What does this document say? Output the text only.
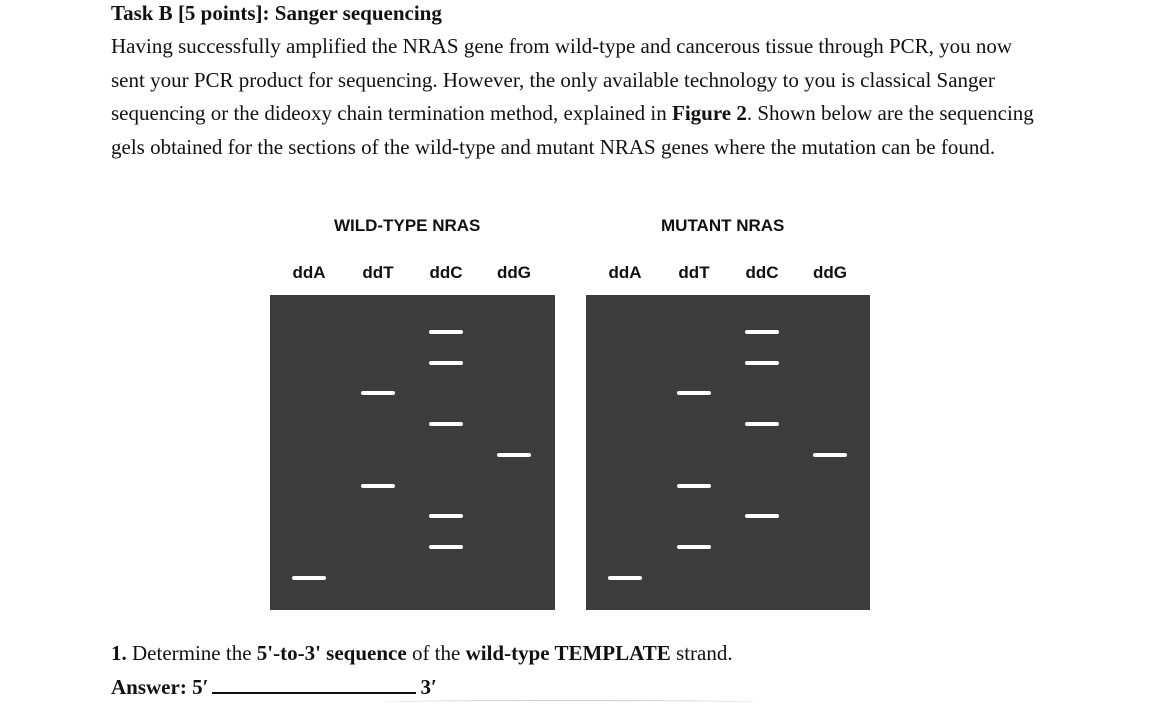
Task B [5 points]: Sanger sequencing
Having successfully amplified the NRAS gene from wild-type and cancerous tissue through PCR, you now sent your PCR product for sequencing. However, the only available technology to you is classical Sanger sequencing or the dideoxy chain termination method, explained in Figure 2. Shown below are the sequencing gels obtained for the sections of the wild-type and mutant NRAS genes where the mutation can be found.
WILD-TYPE NRAS
ddA ddT ddC ddG
MUTANT NRAS
ddA ddT ddC ddG
1. Determine the 5'-to-3' sequence of the wild-type TEMPLATE strand.
Answer: 5′	3′
